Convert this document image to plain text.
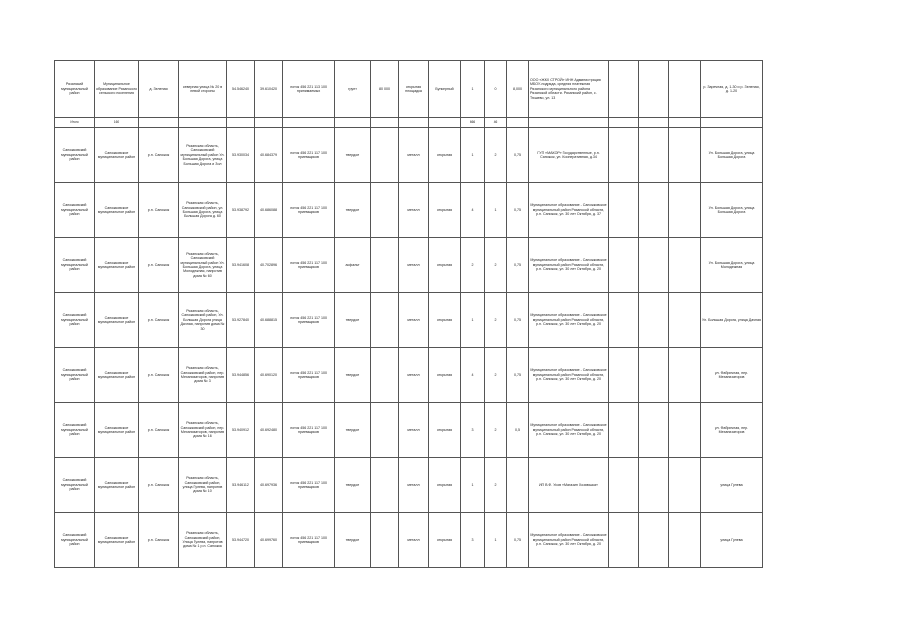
Рязанский муниципальный район	Муниципальное образование Рязанского сельского поселения	д. Зеленая	северная улица № 20 в левой стороны	54.546240	39.610420	лоток 456 221 113 100 принимаемых	грунт	80 000	открытая площадка	Бункерный	1	0	8,000	ООО «ЖКХ СТРОЙ» ИНН Администрация МБОУ-подряда, средняя платежная Рязанского муниципального района Рязанской области. Рязанский район, с. Тюшево, ул. 13				р. Заречная, д. 1-30 и р. Зеленая, д. 1-20
Итого	160										666	46						
Сапожковский муниципальный район	Сапожковское муниципальное район	р.п. Сапожок	Рязанская область, Сапожковский муниципальный район Ул. Большая Дорога, улица Большая Дорога и Зол	53.930034	40.684379	лоток 456 221 117 100 приемщиков	твердое		металл	открытая	1	2	0,75	ГУП «МАКОР» Государственные, р.п. Сапожок, ул. Кооперативная, д.34				Ул. Большая Дорога, улица Большая Дорога
Сапожковский муниципальный район	Сапожковское муниципальное район	р.п. Сапожок	Рязанская область, Сапожковский район, ул. Большая Дорога, улица Большая Дорога д. 60	53.938792	40.686088	лоток 456 221 117 100 приемщиков	твердое		металл	открытая	4	1	0,75	Муниципальное образование - Сапожковское муниципальный район Рязанской области, р.п. Сапожок, ул. 30 лет Октября, д. 37				Ул. Большая Дорога, улица Большая Дорога
Сапожковский муниципальный район	Сапожковское муниципальное район	р.п. Сапожок	Рязанская область, Сапожковский муниципальный район Ул. Большая Дорога, улица Молодежная, напротив дома № 60	53.941608	40.702896	лоток 456 221 117 100 приемщиков	асфальт		металл	открытая	2	2	0,75	Муниципальное образование - Сапожковское муниципальный район Рязанской области, р.п. Сапожок, ул. 30 лет Октября, д. 20				Ул. Большая Дорога, улица Молодежная
Сапожковский муниципальный район	Сапожковское муниципальное район	р.п. Сапожок	Рязанская область, Сапожковский район, Ул. Большая Дорога улица Дачная, напротив дома № 30	53.927840	40.688815	лоток 456 221 117 100 приемщиков	твердое		металл	открытая	1	2	0,75	Муниципальное образование - Сапожковское муниципальный район Рязанской области, р.п. Сапожок, ул. 30 лет Октября, д. 20				Ул. Большая Дорога, улица Дачная
Сапожковский муниципальный район	Сапожковское муниципальное район	р.п. Сапожок	Рязанская область, Сапожковский район, пер. Механизаторов, напротив дома № 3	53.944856	40.690120	лоток 456 221 117 100 приемщиков	твердое		металл	открытая	4	2	0,75	Муниципальное образование - Сапожковское муниципальный район Рязанской области, р.п. Сапожок, ул. 30 лет Октября, д. 20				ул. Фабричная, пер. Механизаторов
Сапожковский муниципальный район	Сапожковское муниципальное район	р.п. Сапожок	Рязанская область, Сапожковский район, пер. Механизаторов, напротив дома № 16	53.940912	40.692480	лоток 456 221 117 100 приемщиков	твердое		металл	открытая	3	2	0,5	Муниципальное образование - Сапожковское муниципальный район Рязанской области, р.п. Сапожок, ул. 30 лет Октября, д. 20				ул. Фабричная, пер. Механизаторов
Сапожковский муниципальный район	Сапожковское муниципальное район	р.п. Сапожок	Рязанская область, Сапожковский район, улица Гулева, напротив дома № 10	53.946112	40.697936	лоток 456 221 117 100 приемщиков	твердое		металл	открытая	1	2		ИП В.Ф. Усов «Магазин Хозяюшка»				улица Гулева
Сапожковский муниципальный район	Сапожковское муниципальное район	р.п. Сапожок	Рязанская область, Сапожковский район, Улица Гулева, напротив дома № 1 р.п. Сапожок	53.944720	40.699760	лоток 456 221 117 100 приемщиков	твердое		металл	открытая	3	1	0,75	Муниципальное образование - Сапожковское муниципальный район Рязанской области, р.п. Сапожок, ул. 30 лет Октября, д. 20				улица Гулева
